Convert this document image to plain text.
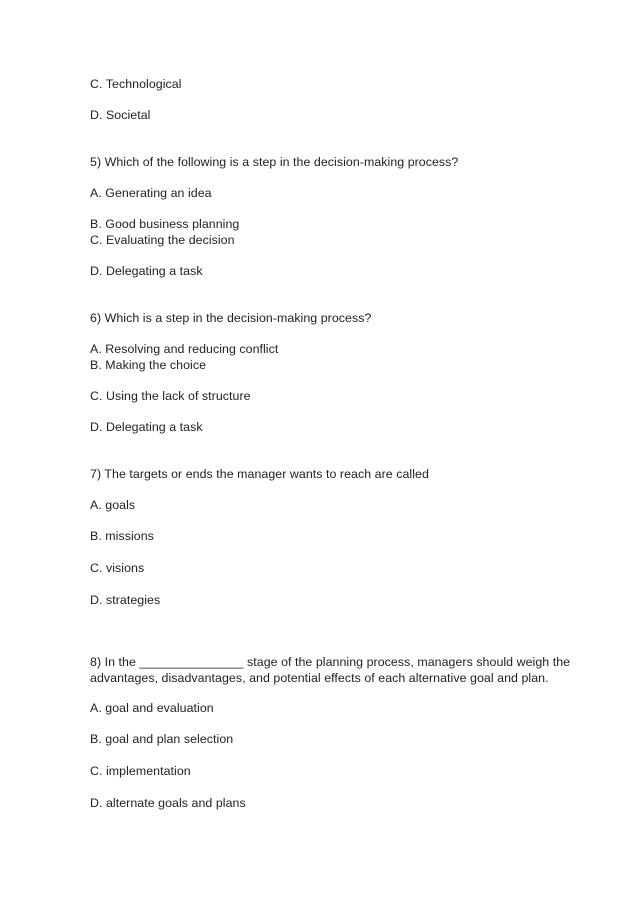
C. Technological
D. Societal
5) Which of the following is a step in the decision-making process?
A. Generating an idea
B. Good business planning
C. Evaluating the decision
D. Delegating a task
6) Which is a step in the decision-making process?
A. Resolving and reducing conflict
B. Making the choice
C. Using the lack of structure
D. Delegating a task
7) The targets or ends the manager wants to reach are called
A. goals
B. missions
C. visions
D. strategies
8) In the _______________ stage of the planning process, managers should weigh the
advantages, disadvantages, and potential effects of each alternative goal and plan.
A. goal and evaluation
B. goal and plan selection
C. implementation
D. alternate goals and plans
